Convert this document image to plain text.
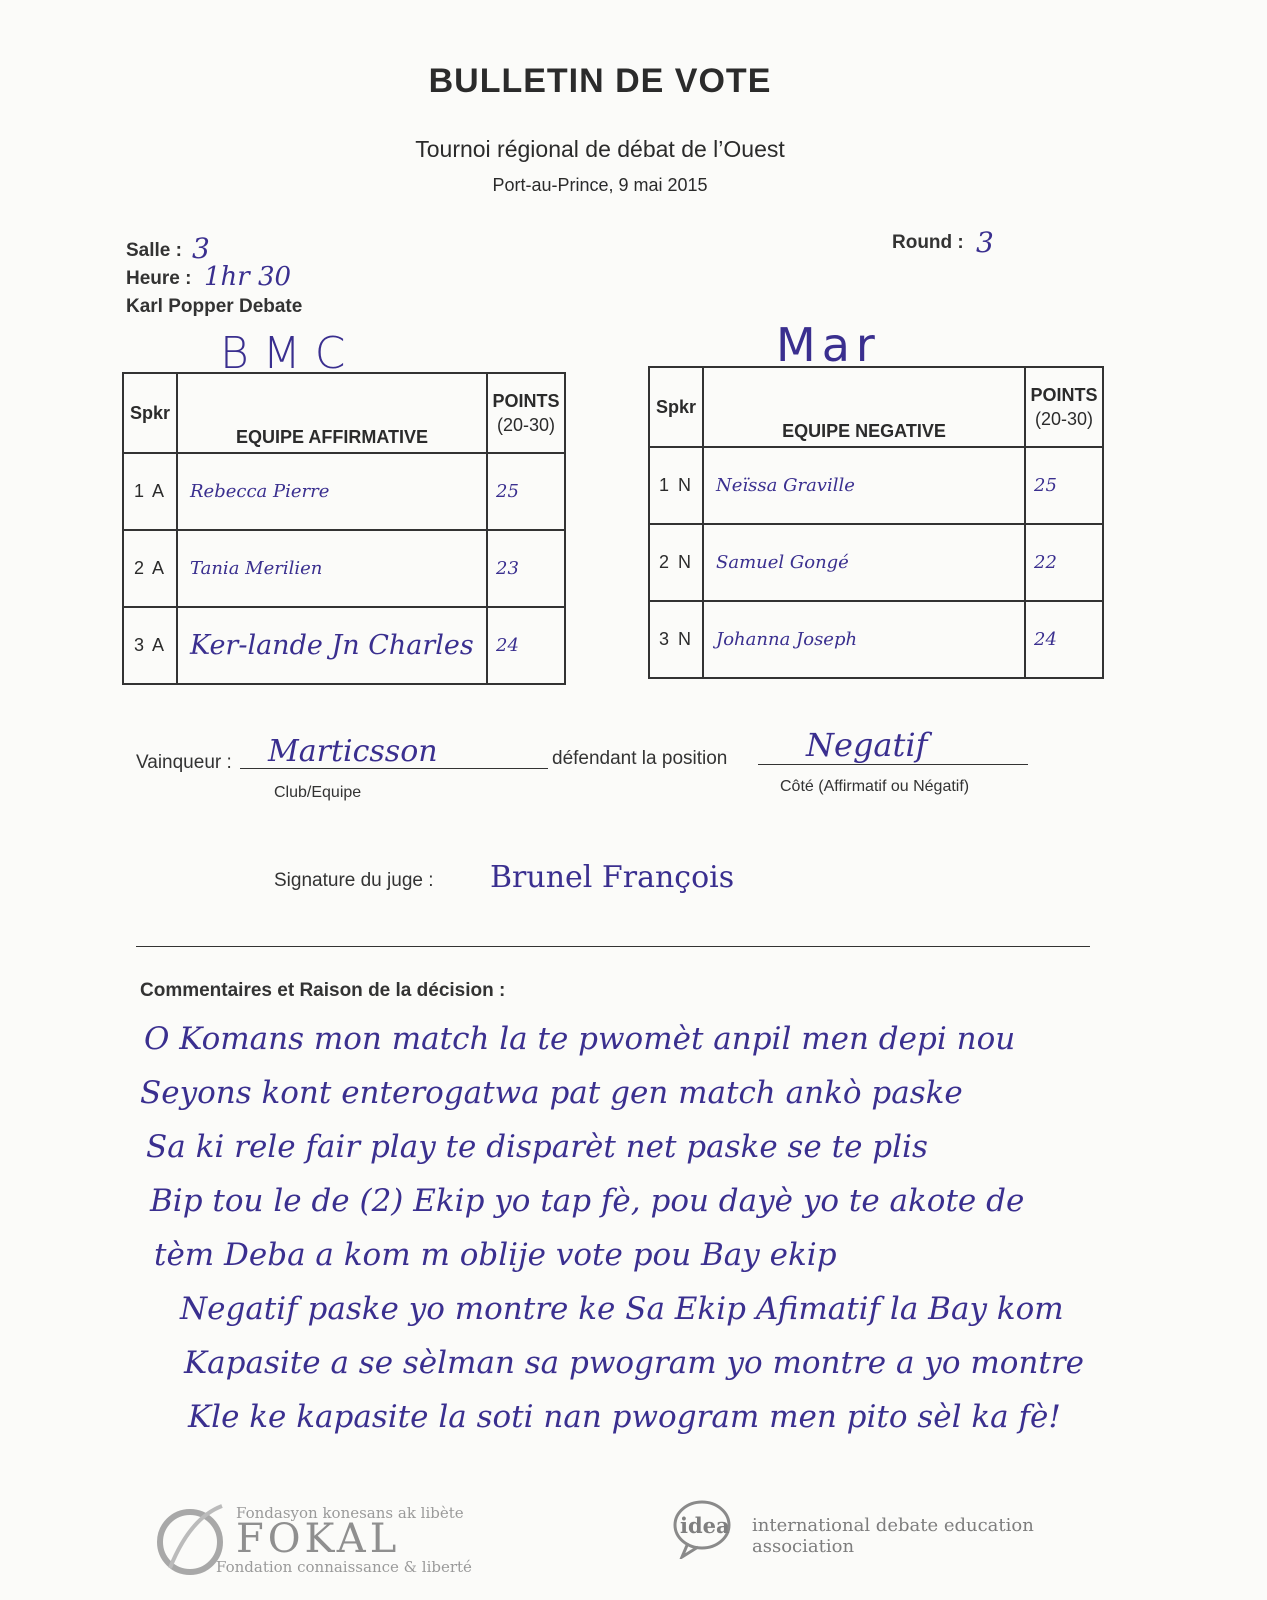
BULLETIN DE VOTE
Tournoi régional de débat de l’Ouest
Port-au-Prince, 9 mai 2015
Salle : 3
Heure : 1hr 30
Karl Popper Debate
Round : 3
BMC	Mar
Spkr	EQUIPE AFFIRMATIVE	POINTS
(20-30)

1 A	Rebecca Pierre	25
2 A	Tania Merilien	23
3 A	Ker-lande Jn Charles	24
Spkr	EQUIPE NEGATIVE	POINTS
(20-30)

1 N	Neïssa Graville	25
2 N	Samuel Gongé	22
3 N	Johanna Joseph	24
Vainqueur : Marticsson
Club/Equipe
défendant la position Negatif
Côté (Affirmatif ou Négatif)
Signature du juge : Brunel François
Commentaires et Raison de la décision :
O Komans mon match la te pwomèt anpil men depi nou
Seyons kont enterogatwa pat gen match ankò paske
Sa ki rele fair play te disparèt net paske se te plis
Bip tou le de (2) Ekip yo tap fè, pou dayè yo te akote de
tèm Deba a kom m oblije vote pou Bay ekip
Negatif paske yo montre ke Sa Ekip Afimatif la Bay kom
Kapasite a se sèlman sa pwogram yo montre a yo montre
Kle ke kapasite la soti nan pwogram men pito sèl ka fè!
Fondasyon konesans ak libète
FOKAL
Fondation connaissance & liberté
idea international debate education association
